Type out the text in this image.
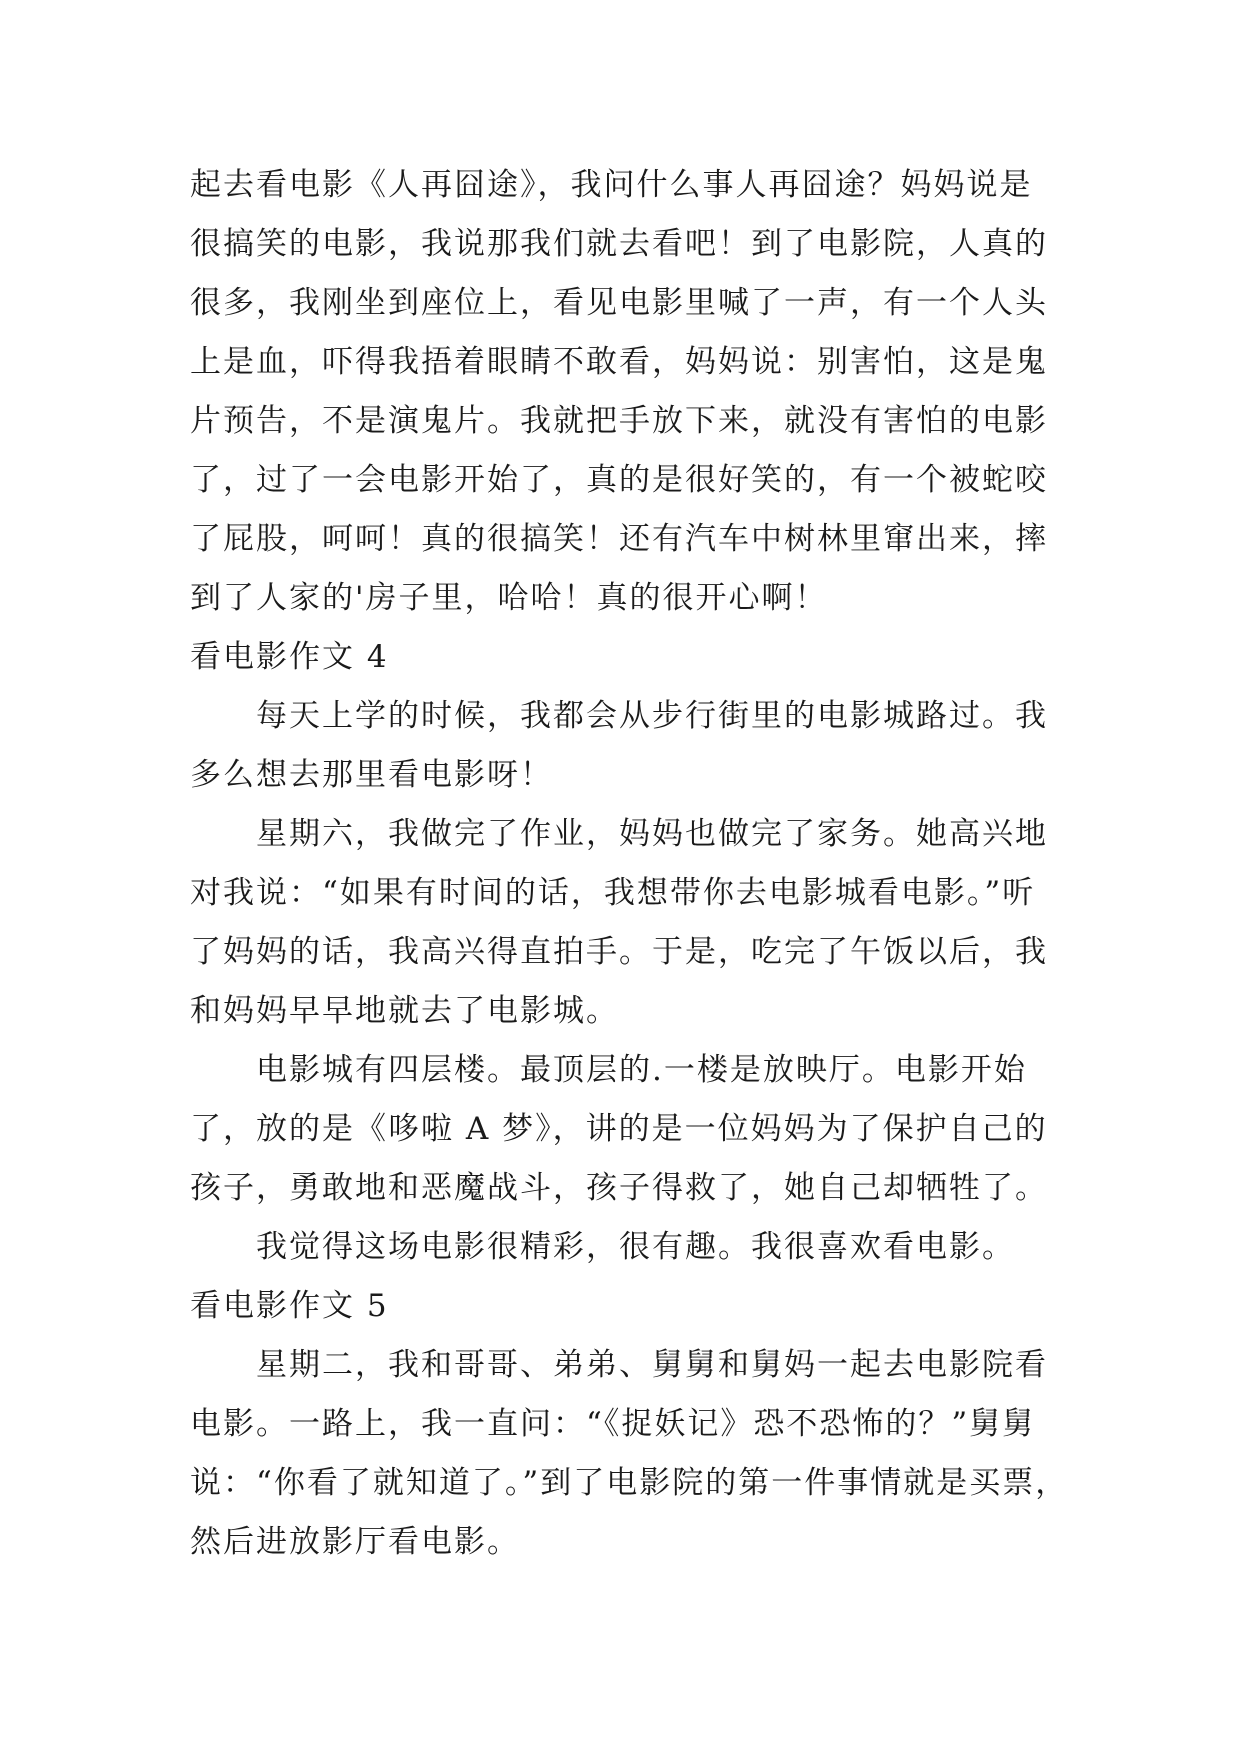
起去看电影《人再囧途》，我问什么事人再囧途？妈妈说是
很搞笑的电影，我说那我们就去看吧！到了电影院，人真的
很多，我刚坐到座位上，看见电影里喊了一声，有一个人头
上是血，吓得我捂着眼睛不敢看，妈妈说：别害怕，这是鬼
片预告，不是演鬼片。我就把手放下来，就没有害怕的电影
了，过了一会电影开始了，真的是很好笑的，有一个被蛇咬
了屁股，呵呵！真的很搞笑！还有汽车中树林里窜出来，摔
到了人家的'房子里，哈哈！真的很开心啊！
看电影作文 4
每天上学的时候，我都会从步行街里的电影城路过。我
多么想去那里看电影呀！
星期六，我做完了作业，妈妈也做完了家务。她高兴地
对我说：“如果有时间的话，我想带你去电影城看电影。”听
了妈妈的话，我高兴得直拍手。于是，吃完了午饭以后，我
和妈妈早早地就去了电影城。
电影城有四层楼。最顶层的.一楼是放映厅。电影开始
了，放的是《哆啦 A 梦》，讲的是一位妈妈为了保护自己的
孩子，勇敢地和恶魔战斗，孩子得救了，她自己却牺牲了。
我觉得这场电影很精彩，很有趣。我很喜欢看电影。
看电影作文 5
星期二，我和哥哥、弟弟、舅舅和舅妈一起去电影院看
电影。一路上，我一直问：“《捉妖记》恐不恐怖的？”舅舅
说：“你看了就知道了。”到了电影院的第一件事情就是买票，
然后进放影厅看电影。
